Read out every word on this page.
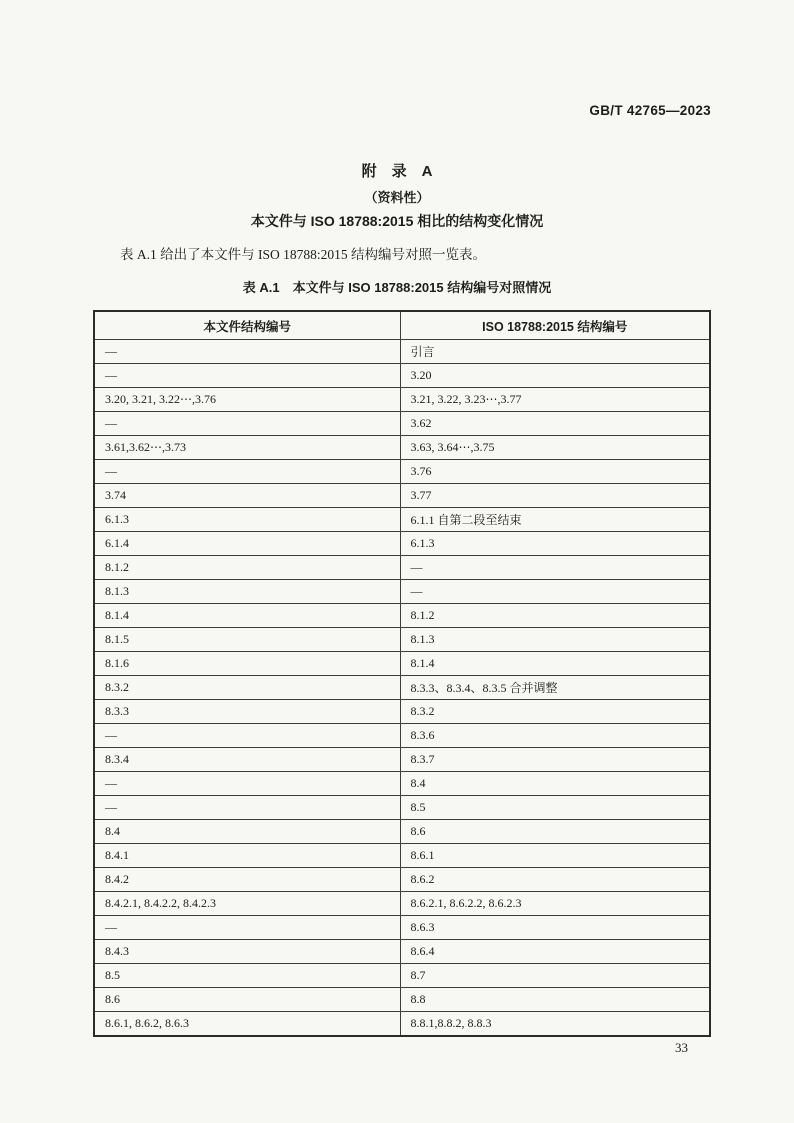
GB/T 42765—2023
附　录　A
（资料性）
本文件与 ISO 18788:2015 相比的结构变化情况

表 A.1 给出了本文件与 ISO 18788:2015 结构编号对照一览表。

表 A.1　本文件与 ISO 18788:2015 结构编号对照情况
本文件结构编号	ISO 18788:2015 结构编号
—	引言
—	3.20
3.20, 3.21, 3.22⋯,3.76	3.21, 3.22, 3.23⋯,3.77
—	3.62
3.61,3.62⋯,3.73	3.63, 3.64⋯,3.75
—	3.76
3.74	3.77
6.1.3	6.1.1 自第二段至结束
6.1.4	6.1.3
8.1.2	—
8.1.3	—
8.1.4	8.1.2
8.1.5	8.1.3
8.1.6	8.1.4
8.3.2	8.3.3、8.3.4、8.3.5 合并调整
8.3.3	8.3.2
—	8.3.6
8.3.4	8.3.7
—	8.4
—	8.5
8.4	8.6
8.4.1	8.6.1
8.4.2	8.6.2
8.4.2.1, 8.4.2.2, 8.4.2.3	8.6.2.1, 8.6.2.2, 8.6.2.3
—	8.6.3
8.4.3	8.6.4
8.5	8.7
8.6	8.8
8.6.1, 8.6.2, 8.6.3	8.8.1,8.8.2, 8.8.3
33
